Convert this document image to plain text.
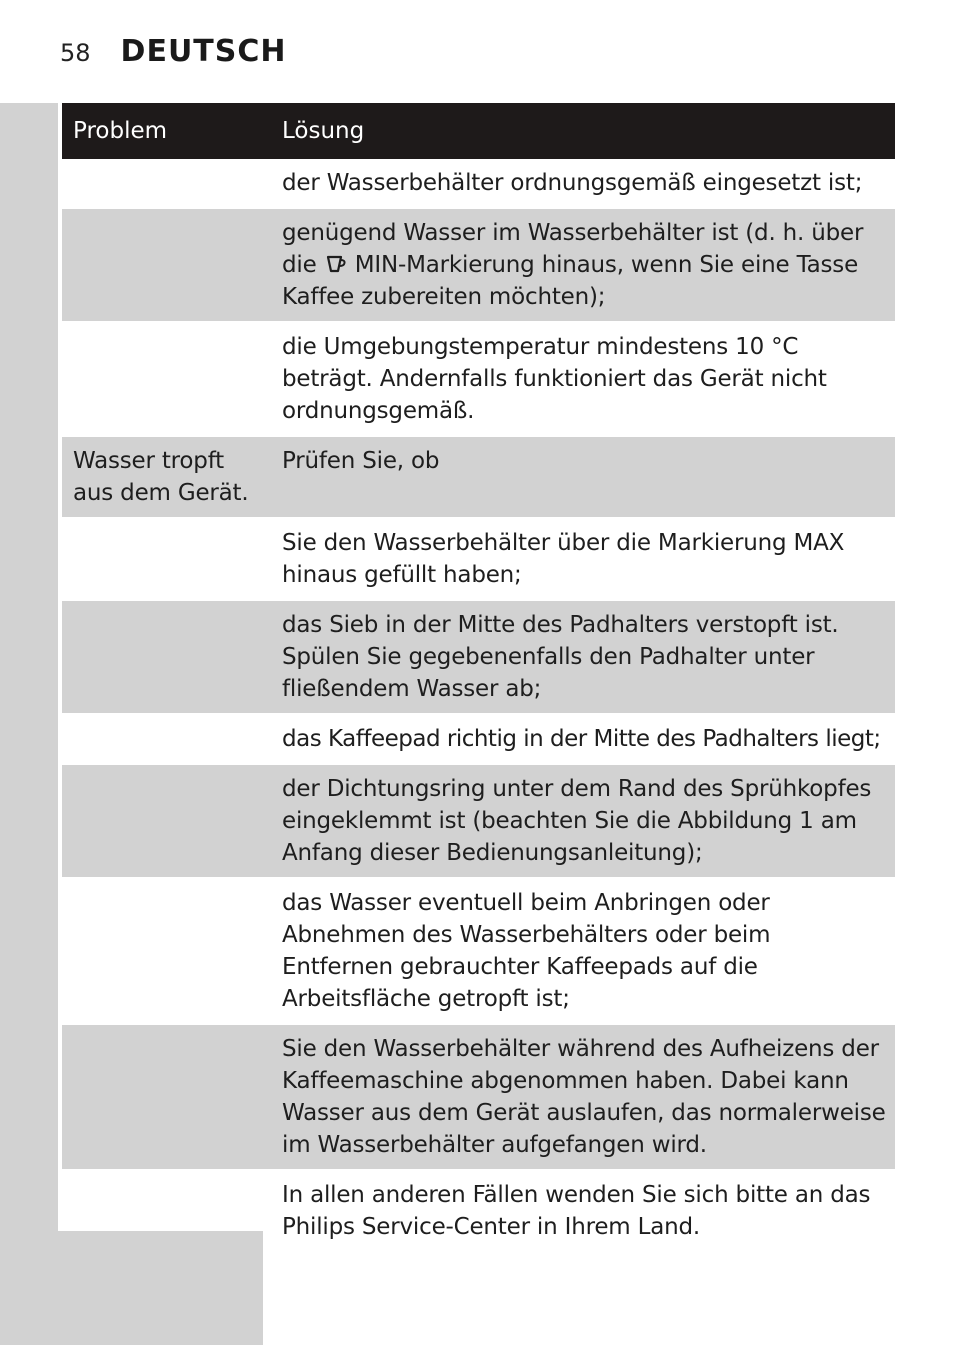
58 DEUTSCH
Problem	Lösung
der Wasserbehälter ordnungsgemäß eingesetzt ist;
genügend Wasser im Wasserbehälter ist (d. h. über
die  MIN-Markierung hinaus, wenn Sie eine Tasse
Kaffee zubereiten möchten);
die Umgebungstemperatur mindestens 10 °C
beträgt. Andernfalls funktioniert das Gerät nicht
ordnungsgemäß.
Wasser tropft
aus dem Gerät.
Prüfen Sie, ob
Sie den Wasserbehälter über die Markierung MAX
hinaus gefüllt haben;
das Sieb in der Mitte des Padhalters verstopft ist.
Spülen Sie gegebenenfalls den Padhalter unter
fließendem Wasser ab;
das Kaffeepad richtig in der Mitte des Padhalters liegt;
der Dichtungsring unter dem Rand des Sprühkopfes
eingeklemmt ist (beachten Sie die Abbildung 1 am
Anfang dieser Bedienungsanleitung);
das Wasser eventuell beim Anbringen oder
Abnehmen des Wasserbehälters oder beim
Entfernen gebrauchter Kaffeepads auf die
Arbeitsfläche getropft ist;
Sie den Wasserbehälter während des Aufheizens der
Kaffeemaschine abgenommen haben. Dabei kann
Wasser aus dem Gerät auslaufen, das normalerweise
im Wasserbehälter aufgefangen wird.
In allen anderen Fällen wenden Sie sich bitte an das
Philips Service-Center in Ihrem Land.
